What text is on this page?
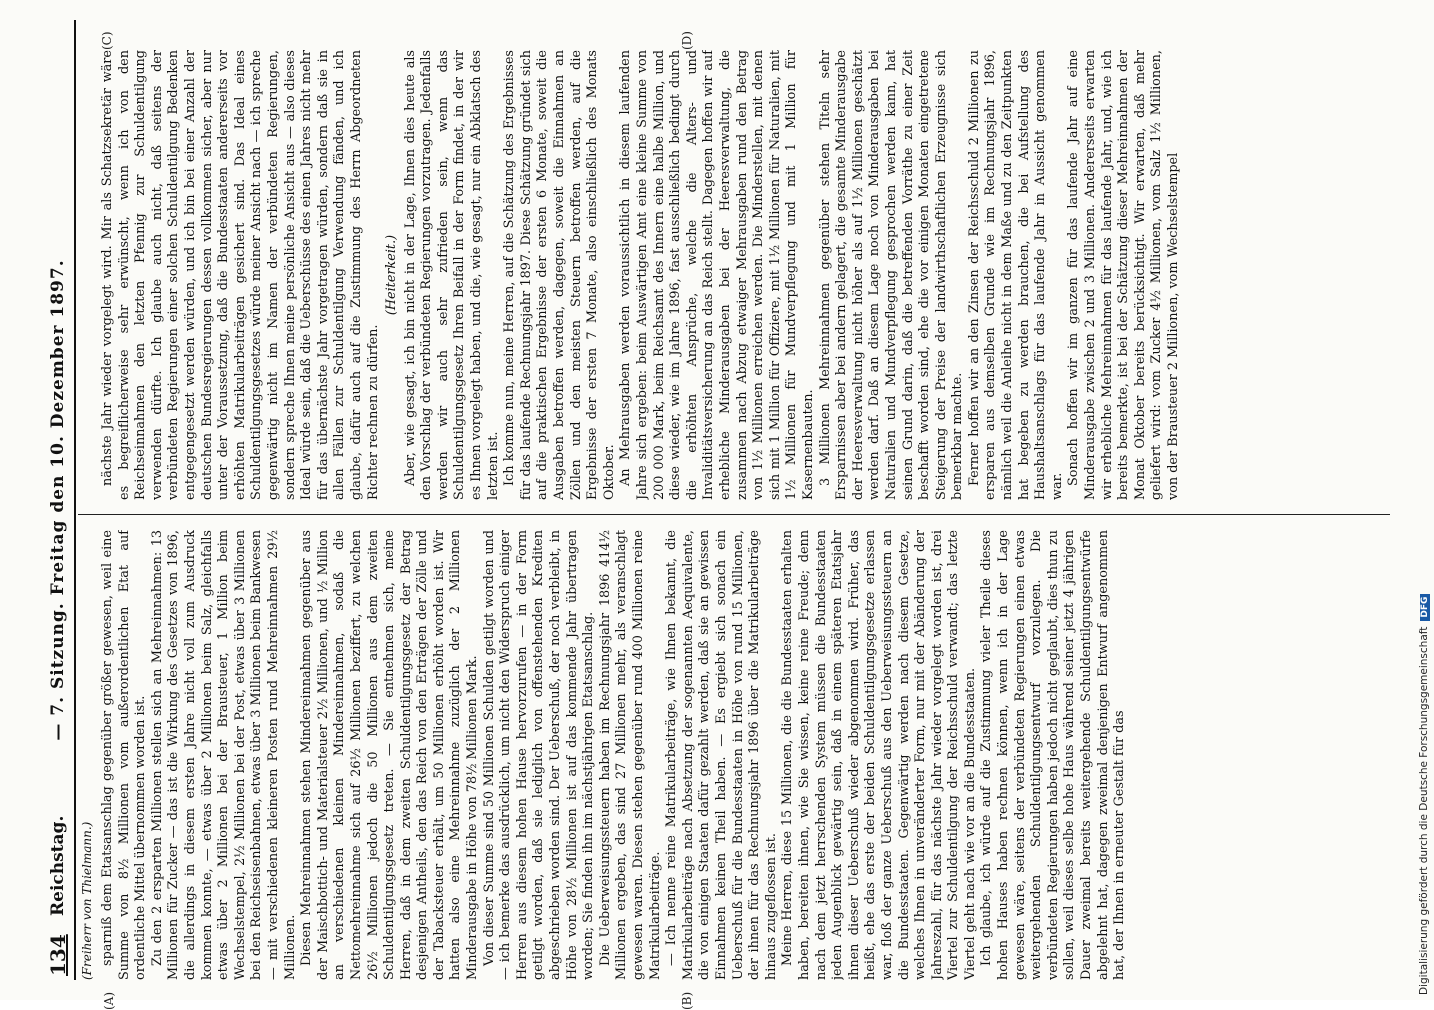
134
Reichstag.
— 7. Sitzung. Freitag den 10. Dezember 1897.
(Freiherr von Thielmann.)
(A)	(B)
(C)	(D)

sparniß dem Etatsanschlag gegenüber größer gewesen, weil eine Summe von 8½ Millionen vom außerordentlichen Etat auf ordentliche Mittel übernommen worden ist. Zu den 2 ersparten Millionen stellen sich an Mehreinnahmen: 13 Millionen für Zucker — das ist die Wirkung des Gesetzes von 1896, die allerdings in diesem ersten Jahre nicht voll zum Ausdruck kommen konnte, — etwas über 2 Millionen beim Salz, gleichfalls etwas über 2 Millionen bei der Brausteuer, 1 Million beim Wechselstempel, 2½ Millionen bei der Post, etwas über 3 Millionen bei den Reichseisenbahnen, etwas über 3 Millionen beim Bankwesen — mit verschiedenen kleineren Posten rund Mehreinnahmen 29½ Millionen. Diesen Mehreinnahmen stehen Mindereinnahmen gegenüber aus der Maischbottich- und Materialsteuer 2½ Millionen, und ½ Million an verschiedenen kleinen Mindereinnahmen, sodaß die Nettomehreinnahme sich auf 26½ Millionen beziffert, zu welchen 26½ Millionen jedoch die 50 Millionen aus dem zweiten Schuldentilgungsgesetz treten. — Sie entnehmen sich, meine Herren, daß in dem zweiten Schuldentilgungsgesetz der Betrag desjenigen Antheils, den das Reich von den Erträgen der Zölle und der Tabacksteuer erhält, um 50 Millionen erhöht worden ist. Wir hatten also eine Mehreinnahme zuzüglich der 2 Millionen Minderausgabe in Höhe von 78½ Millionen Mark. Von dieser Summe sind 50 Millionen Schulden getilgt worden und — ich bemerke das ausdrücklich, um nicht den Widerspruch einiger Herren aus diesem hohen Hause hervorzurufen — in der Form getilgt worden, daß sie lediglich von offenstehenden Krediten abgeschrieben worden sind. Der Ueberschuß, der noch verbleibt, in Höhe von 28½ Millionen ist auf das kommende Jahr übertragen worden; Sie finden ihn im nächstjährigen Etatsanschlag. Die Ueberweisungssteuern haben im Rechnungsjahr 1896 414½ Millionen ergeben, das sind 27 Millionen mehr, als veranschlagt gewesen waren. Diesen stehen gegenüber rund 400 Millionen reine Matrikularbeiträge. — Ich nenne reine Matrikularbeiträge, wie Ihnen bekannt, die Matrikularbeiträge nach Absetzung der sogenannten Aequivalente, die von einigen Staaten dafür gezahlt werden, daß sie an gewissen Einnahmen keinen Theil haben. — Es ergiebt sich sonach ein Ueberschuß für die Bundesstaaten in Höhe von rund 15 Millionen, der ihnen für das Rechnungsjahr 1896 über die Matrikularbeiträge hinaus zugeflossen ist. Meine Herren, diese 15 Millionen, die die Bundesstaaten erhalten haben, bereiten ihnen, wie Sie wissen, keine reine Freude; denn nach dem jetzt herrschenden System müssen die Bundesstaaten jeden Augenblick gewärtig sein, daß in einem späteren Etatsjahr ihnen dieser Ueberschuß wieder abgenommen wird. Früher, das heißt, ehe das erste der beiden Schuldentilgungsgesetze erlassen war, floß der ganze Ueberschuß aus den Ueberweisungssteuern an die Bundesstaaten. Gegenwärtig werden nach diesem Gesetze, welches Ihnen in unveränderter Form, nur mit der Abänderung der Jahreszahl, für das nächste Jahr wieder vorgelegt worden ist, drei Viertel zur Schuldentilgung der Reichsschuld verwandt; das letzte Viertel geht nach wie vor an die Bundesstaaten. Ich glaube, ich würde auf die Zustimmung vieler Theile dieses hohen Hauses haben rechnen können, wenn ich in der Lage gewesen wäre, seitens der verbündeten Regierungen einen etwas weitergehenden Schuldentilgungsentwurf vorzulegen. Die verbündeten Regierungen haben jedoch nicht geglaubt, dies thun zu sollen, weil dieses selbe hohe Haus während seiner jetzt 4 jährigen Dauer zweimal bereits weitergehende Schuldentilgungsentwürfe abgelehnt hat, dagegen zweimal denjenigen Entwurf angenommen hat, der Ihnen in erneuter Gestalt für das

nächste Jahr wieder vorgelegt wird. Mir als Schatzsekretär wäre es begreiflicherweise sehr erwünscht, wenn ich von den Reichseinnahmen den letzten Pfennig zur Schuldentilgung verwenden dürfte. Ich glaube auch nicht, daß seitens der verbündeten Regierungen einer solchen Schuldentilgung Bedenken entgegengesetzt werden würden, und ich bin bei einer Anzahl der deutschen Bundesregierungen dessen vollkommen sicher, aber nur unter der Voraussetzung, daß die Bundesstaaten andererseits vor erhöhten Matrikularbeiträgen gesichert sind. Das Ideal eines Schuldentilgungsgesetzes würde meiner Ansicht nach — ich spreche gegenwärtig nicht im Namen der verbündeten Regierungen, sondern spreche Ihnen meine persönliche Ansicht aus — also dieses Ideal würde sein, daß die Ueberschüsse des einen Jahres nicht mehr für das übernächste Jahr vorgetragen würden, sondern daß sie in allen Fällen zur Schuldentilgung Verwendung fänden, und ich glaube, dafür auch auf die Zustimmung des Herrn Abgeordneten Richter rechnen zu dürfen.

(Heiterkeit.) Aber, wie gesagt, ich bin nicht in der Lage, Ihnen dies heute als den Vorschlag der verbündeten Regierungen vorzutragen. Jedenfalls werden wir auch sehr zufrieden sein, wenn das Schuldentilgungsgesetz Ihren Beifall in der Form findet, in der wir es Ihnen vorgelegt haben, und die, wie gesagt, nur ein Abklatsch des letzten ist. Ich komme nun, meine Herren, auf die Schätzung des Ergebnisses für das laufende Rechnungsjahr 1897. Diese Schätzung gründet sich auf die praktischen Ergebnisse der ersten 6 Monate, soweit die Ausgaben betroffen werden, dagegen, soweit die Einnahmen an Zöllen und den meisten Steuern betroffen werden, auf die Ergebnisse der ersten 7 Monate, also einschließlich des Monats Oktober. An Mehrausgaben werden voraussichtlich in diesem laufenden Jahre sich ergeben: beim Auswärtigen Amt eine kleine Summe von 200 000 Mark, beim Reichsamt des Innern eine halbe Million, und diese wieder, wie im Jahre 1896, fast ausschließlich bedingt durch die erhöhten Ansprüche, welche die Alters- und Invaliditätsversicherung an das Reich stellt. Dagegen hoffen wir auf erhebliche Minderausgaben bei der Heeresverwaltung, die zusammen nach Abzug etwaiger Mehrausgaben rund den Betrag von 1½ Millionen erreichen werden. Die Minderstellen, mit denen sich mit 1 Million für Offiziere, mit 1½ Millionen für Naturalien, mit 1½ Millionen für Mundverpflegung und mit 1 Million für Kasernenbauten. 3 Millionen Mehreinnahmen gegenüber stehen Titeln sehr Ersparnissen aber bei andern gelagert, die gesamte Minderausgabe der Heeresverwaltung nicht höher als auf 1½ Millionen geschätzt werden darf. Daß an diesem Lage noch von Minderausgaben bei Naturalien und Mundverpflegung gesprochen werden kann, hat seinen Grund darin, daß die betreffenden Vorräthe zu einer Zeit beschafft worden sind, ehe die vor einigen Monaten eingetretene Steigerung der Preise der landwirthschaftlichen Erzeugnisse sich bemerkbar machte. Ferner hoffen wir an den Zinsen der Reichsschuld 2 Millionen zu ersparen aus demselben Grunde wie im Rechnungsjahr 1896, nämlich weil die Anleihe nicht in dem Maße und zu den Zeitpunkten hat begeben zu werden brauchen, die bei Aufstellung des Haushaltsanschlags für das laufende Jahr in Aussicht genommen war.

Sonach hoffen wir im ganzen für das laufende Jahr auf eine Minderausgabe zwischen 2 und 3 Millionen. Andererseits erwarten wir erhebliche Mehreinnahmen für das laufende Jahr, und, wie ich bereits bemerkte, ist bei der Schätzung dieser Mehreinnahmen der Monat Oktober bereits berücksichtigt. Wir erwarten, daß mehr geliefert wird: vom Zucker 4½ Millionen, vom Salz 1½ Millionen, von der Brausteuer 2 Millionen, vom Wechselstempel

Digitalisierung gefördert durch die Deutsche ForschungsgemeinschaftDFG
